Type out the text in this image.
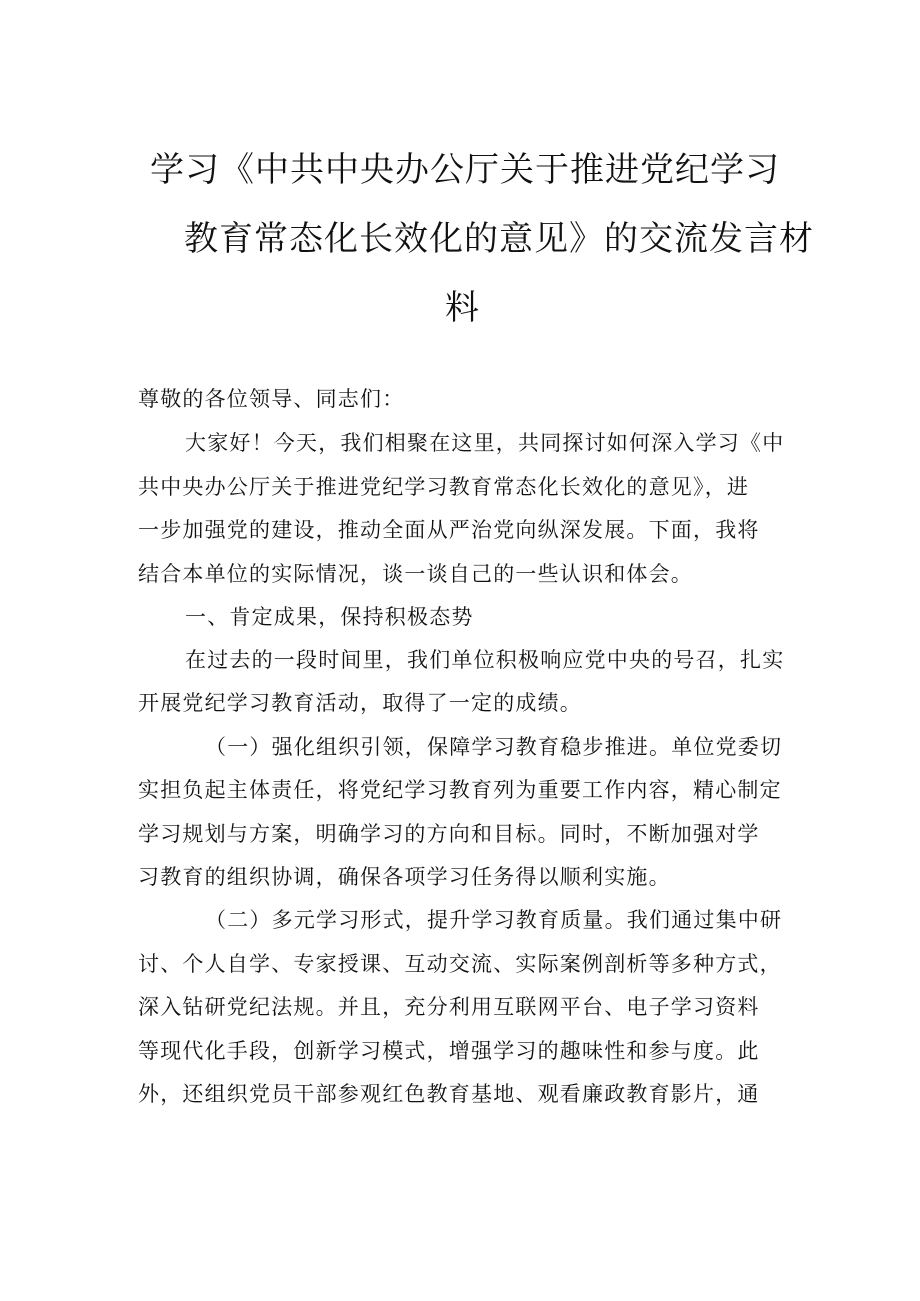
学习《中共中央办公厅关于推进党纪学习
教育常态化长效化的意见》的交流发言材
料
尊敬的各位领导、同志们：
大家好！今天，我们相聚在这里，共同探讨如何深入学习《中
共中央办公厅关于推进党纪学习教育常态化长效化的意见》，进
一步加强党的建设，推动全面从严治党向纵深发展。下面，我将
结合本单位的实际情况，谈一谈自己的一些认识和体会。
一、肯定成果，保持积极态势
在过去的一段时间里，我们单位积极响应党中央的号召，扎实
开展党纪学习教育活动，取得了一定的成绩。
（一）强化组织引领，保障学习教育稳步推进。单位党委切
实担负起主体责任，将党纪学习教育列为重要工作内容，精心制定
学习规划与方案，明确学习的方向和目标。同时，不断加强对学
习教育的组织协调，确保各项学习任务得以顺利实施。
（二）多元学习形式，提升学习教育质量。我们通过集中研
讨、个人自学、专家授课、互动交流、实际案例剖析等多种方式，
深入钻研党纪法规。并且，充分利用互联网平台、电子学习资料
等现代化手段，创新学习模式，增强学习的趣味性和参与度。此
外，还组织党员干部参观红色教育基地、观看廉政教育影片，通
